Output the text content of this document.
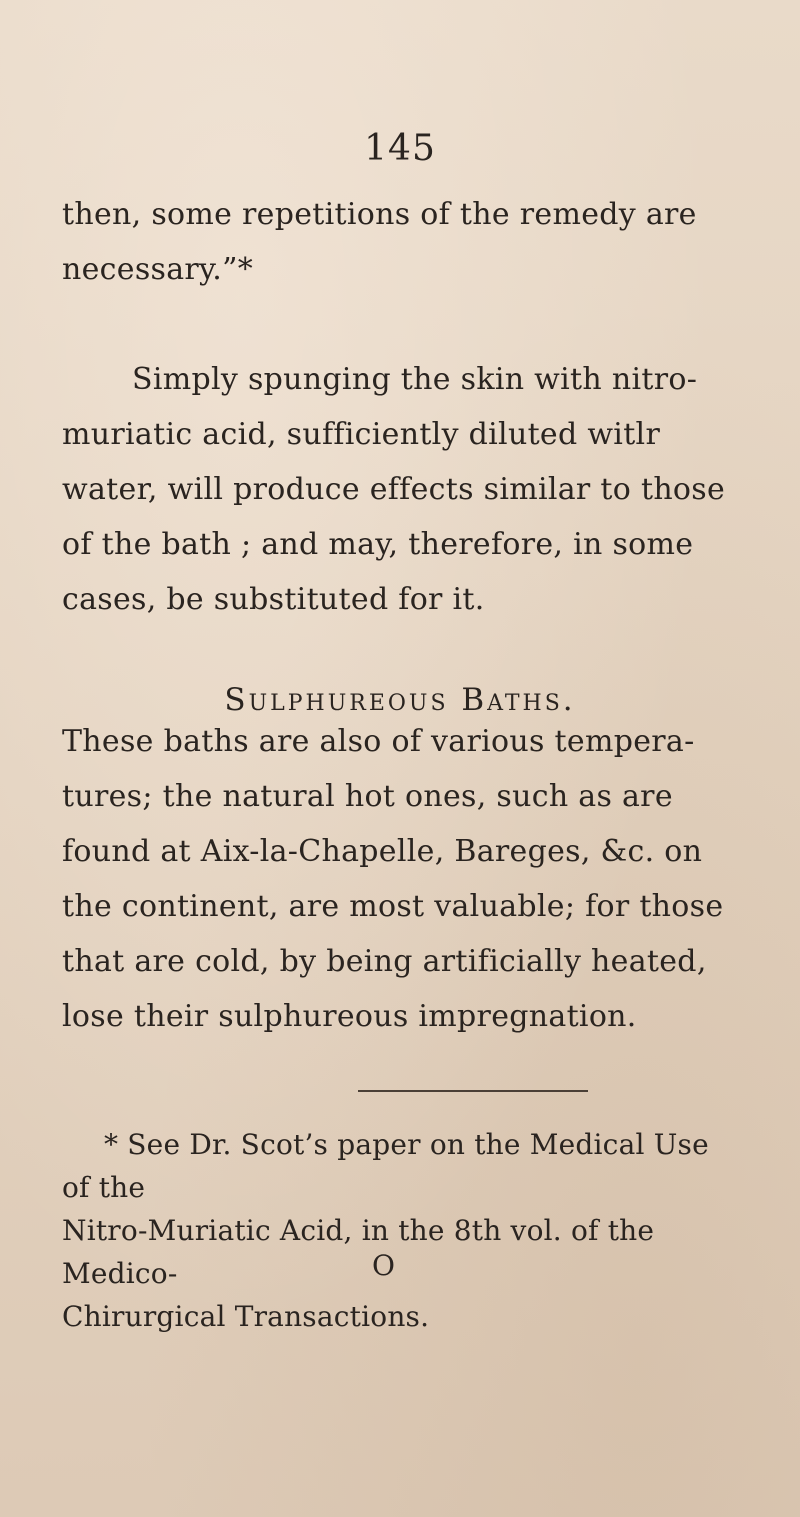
145

then, some repetitions of the remedy are
necessary.”*

Simply spunging the skin with nitro-
muriatic acid, sufficiently diluted witlr
water, will produce effects similar to those
of the bath ; and may, therefore, in some
cases, be substituted for it.

Sulphureous Baths.

These baths are also of various tempera-
tures; the natural hot ones, such as are
found at Aix-la-Chapelle, Bareges, &c. on
the continent, are most valuable; for those
that are cold, by being artificially heated,
lose their sulphureous impregnation.

* See Dr. Scot’s paper on the Medical Use of the
Nitro-Muriatic Acid, in the 8th vol. of the Medico-
Chirurgical Transactions.

O
